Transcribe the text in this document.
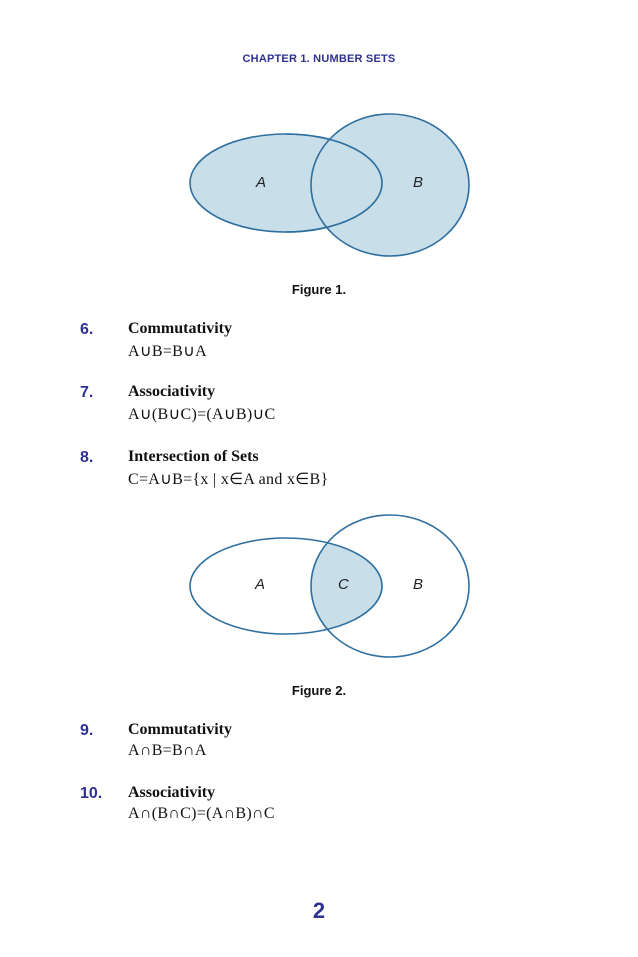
CHAPTER 1. NUMBER SETS
A	B
Figure 1.
6. Commutativity
A∪B=B∪A
7. Associativity
A∪(B∪C)=(A∪B)∪C
8. Intersection of Sets
C=A∪B={x | x∈A and x∈B}
A	C	B
Figure 2.
9. Commutativity
A∩B=B∩A
10. Associativity
A∩(B∩C)=(A∩B)∩C
2
